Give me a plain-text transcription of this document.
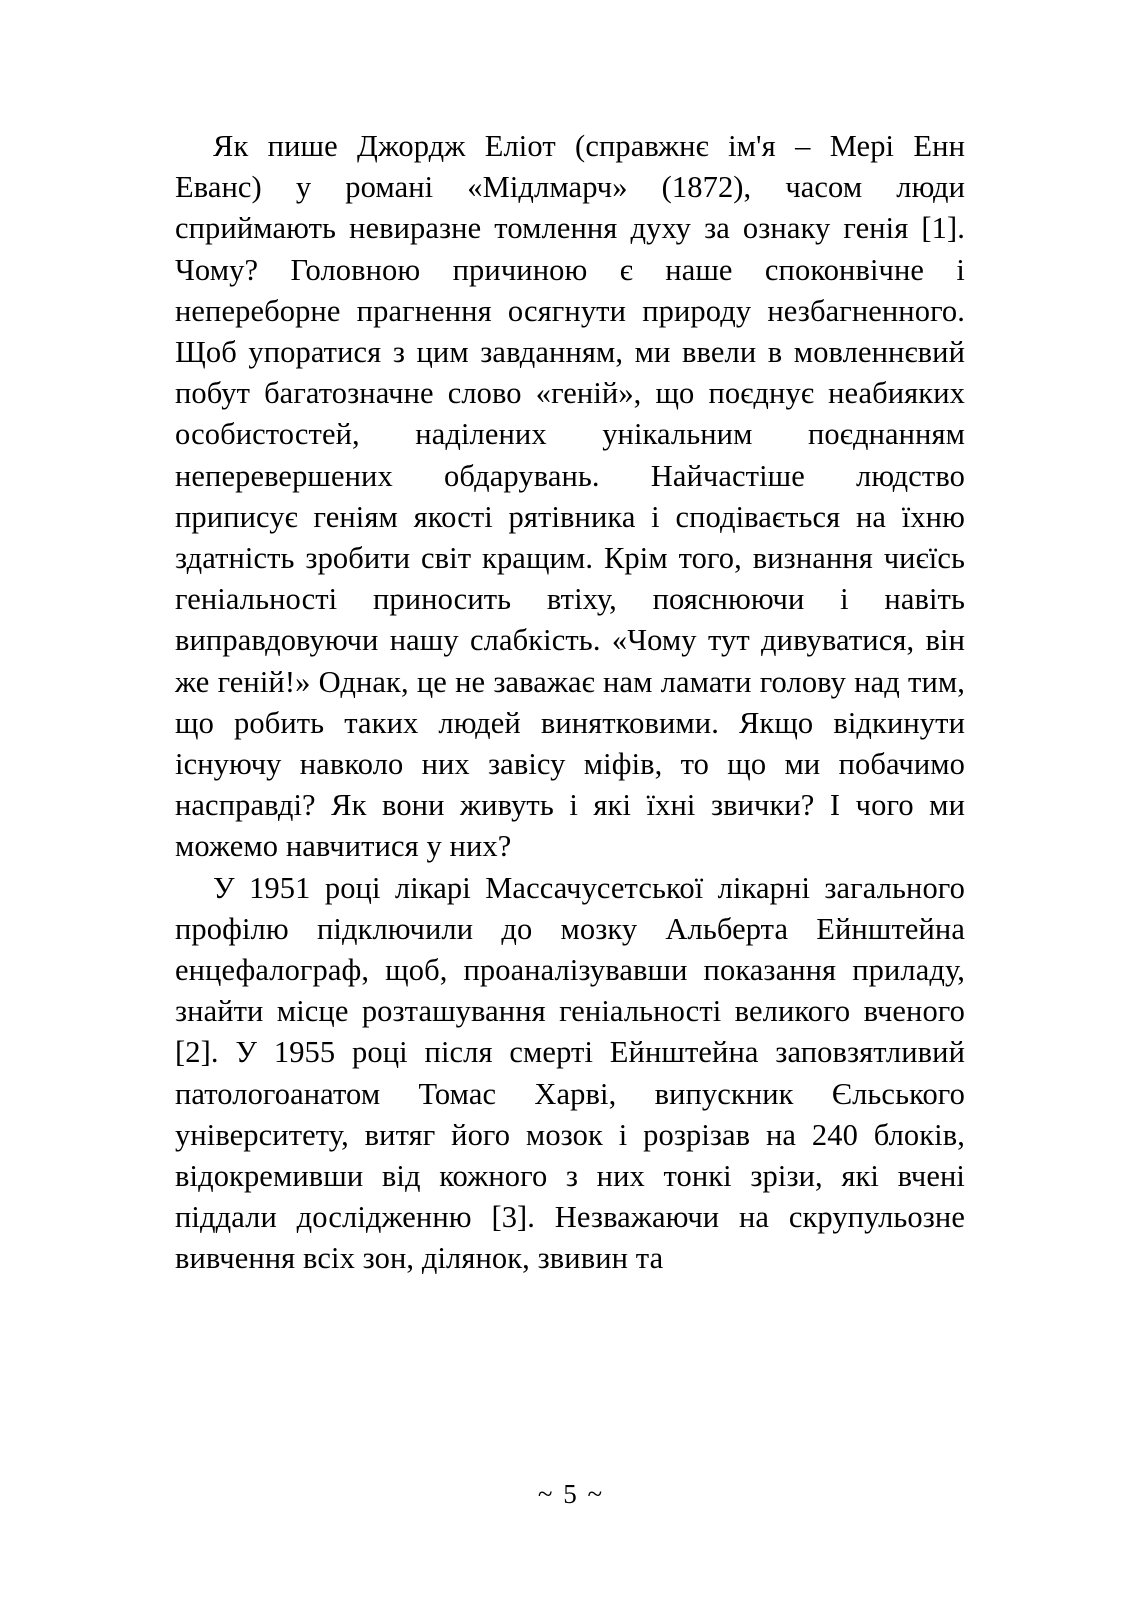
Як пише Джордж Еліот (справжнє ім'я – Мері Енн Еванс) у романі «Мідлмарч» (1872), часом люди сприймають невиразне томлення духу за ознаку генія [1]. Чому? Головною причиною є наше споконвічне і непереборне прагнення осягнути природу незбагненного. Щоб упоратися з цим завданням, ми ввели в мовленнєвий побут багатозначне слово «геній», що поєднує неабияких особистостей, наділених унікальним поєднанням неперевершених обдарувань. Найчастіше людство приписує геніям якості рятівника і сподівається на їхню здатність зробити світ кращим. Крім того, визнання чиєїсь геніальності приносить втіху, пояснюючи і навіть виправдовуючи нашу слабкість. «Чому тут дивуватися, він же геній!» Однак, це не заважає нам ламати голову над тим, що робить таких людей винятковими. Якщо відкинути існуючу навколо них завісу міфів, то що ми побачимо насправді? Як вони живуть і які їхні звички? І чого ми можемо навчитися у них?

У 1951 році лікарі Массачусетської лікарні загального профілю підключили до мозку Альберта Ейнштейна енцефалограф, щоб, проаналізувавши показання приладу, знайти місце розташування геніальності великого вченого [2]. У 1955 році після смерті Ейнштейна заповзятливий патологоанатом Томас Харві, випускник Єльського університету, витяг його мозок і розрізав на 240 блоків, відокремивши від кожного з них тонкі зрізи, які вчені піддали дослідженню [3]. Незважаючи на скрупульозне вивчення всіх зон, ділянок, звивин та

~ 5 ~
